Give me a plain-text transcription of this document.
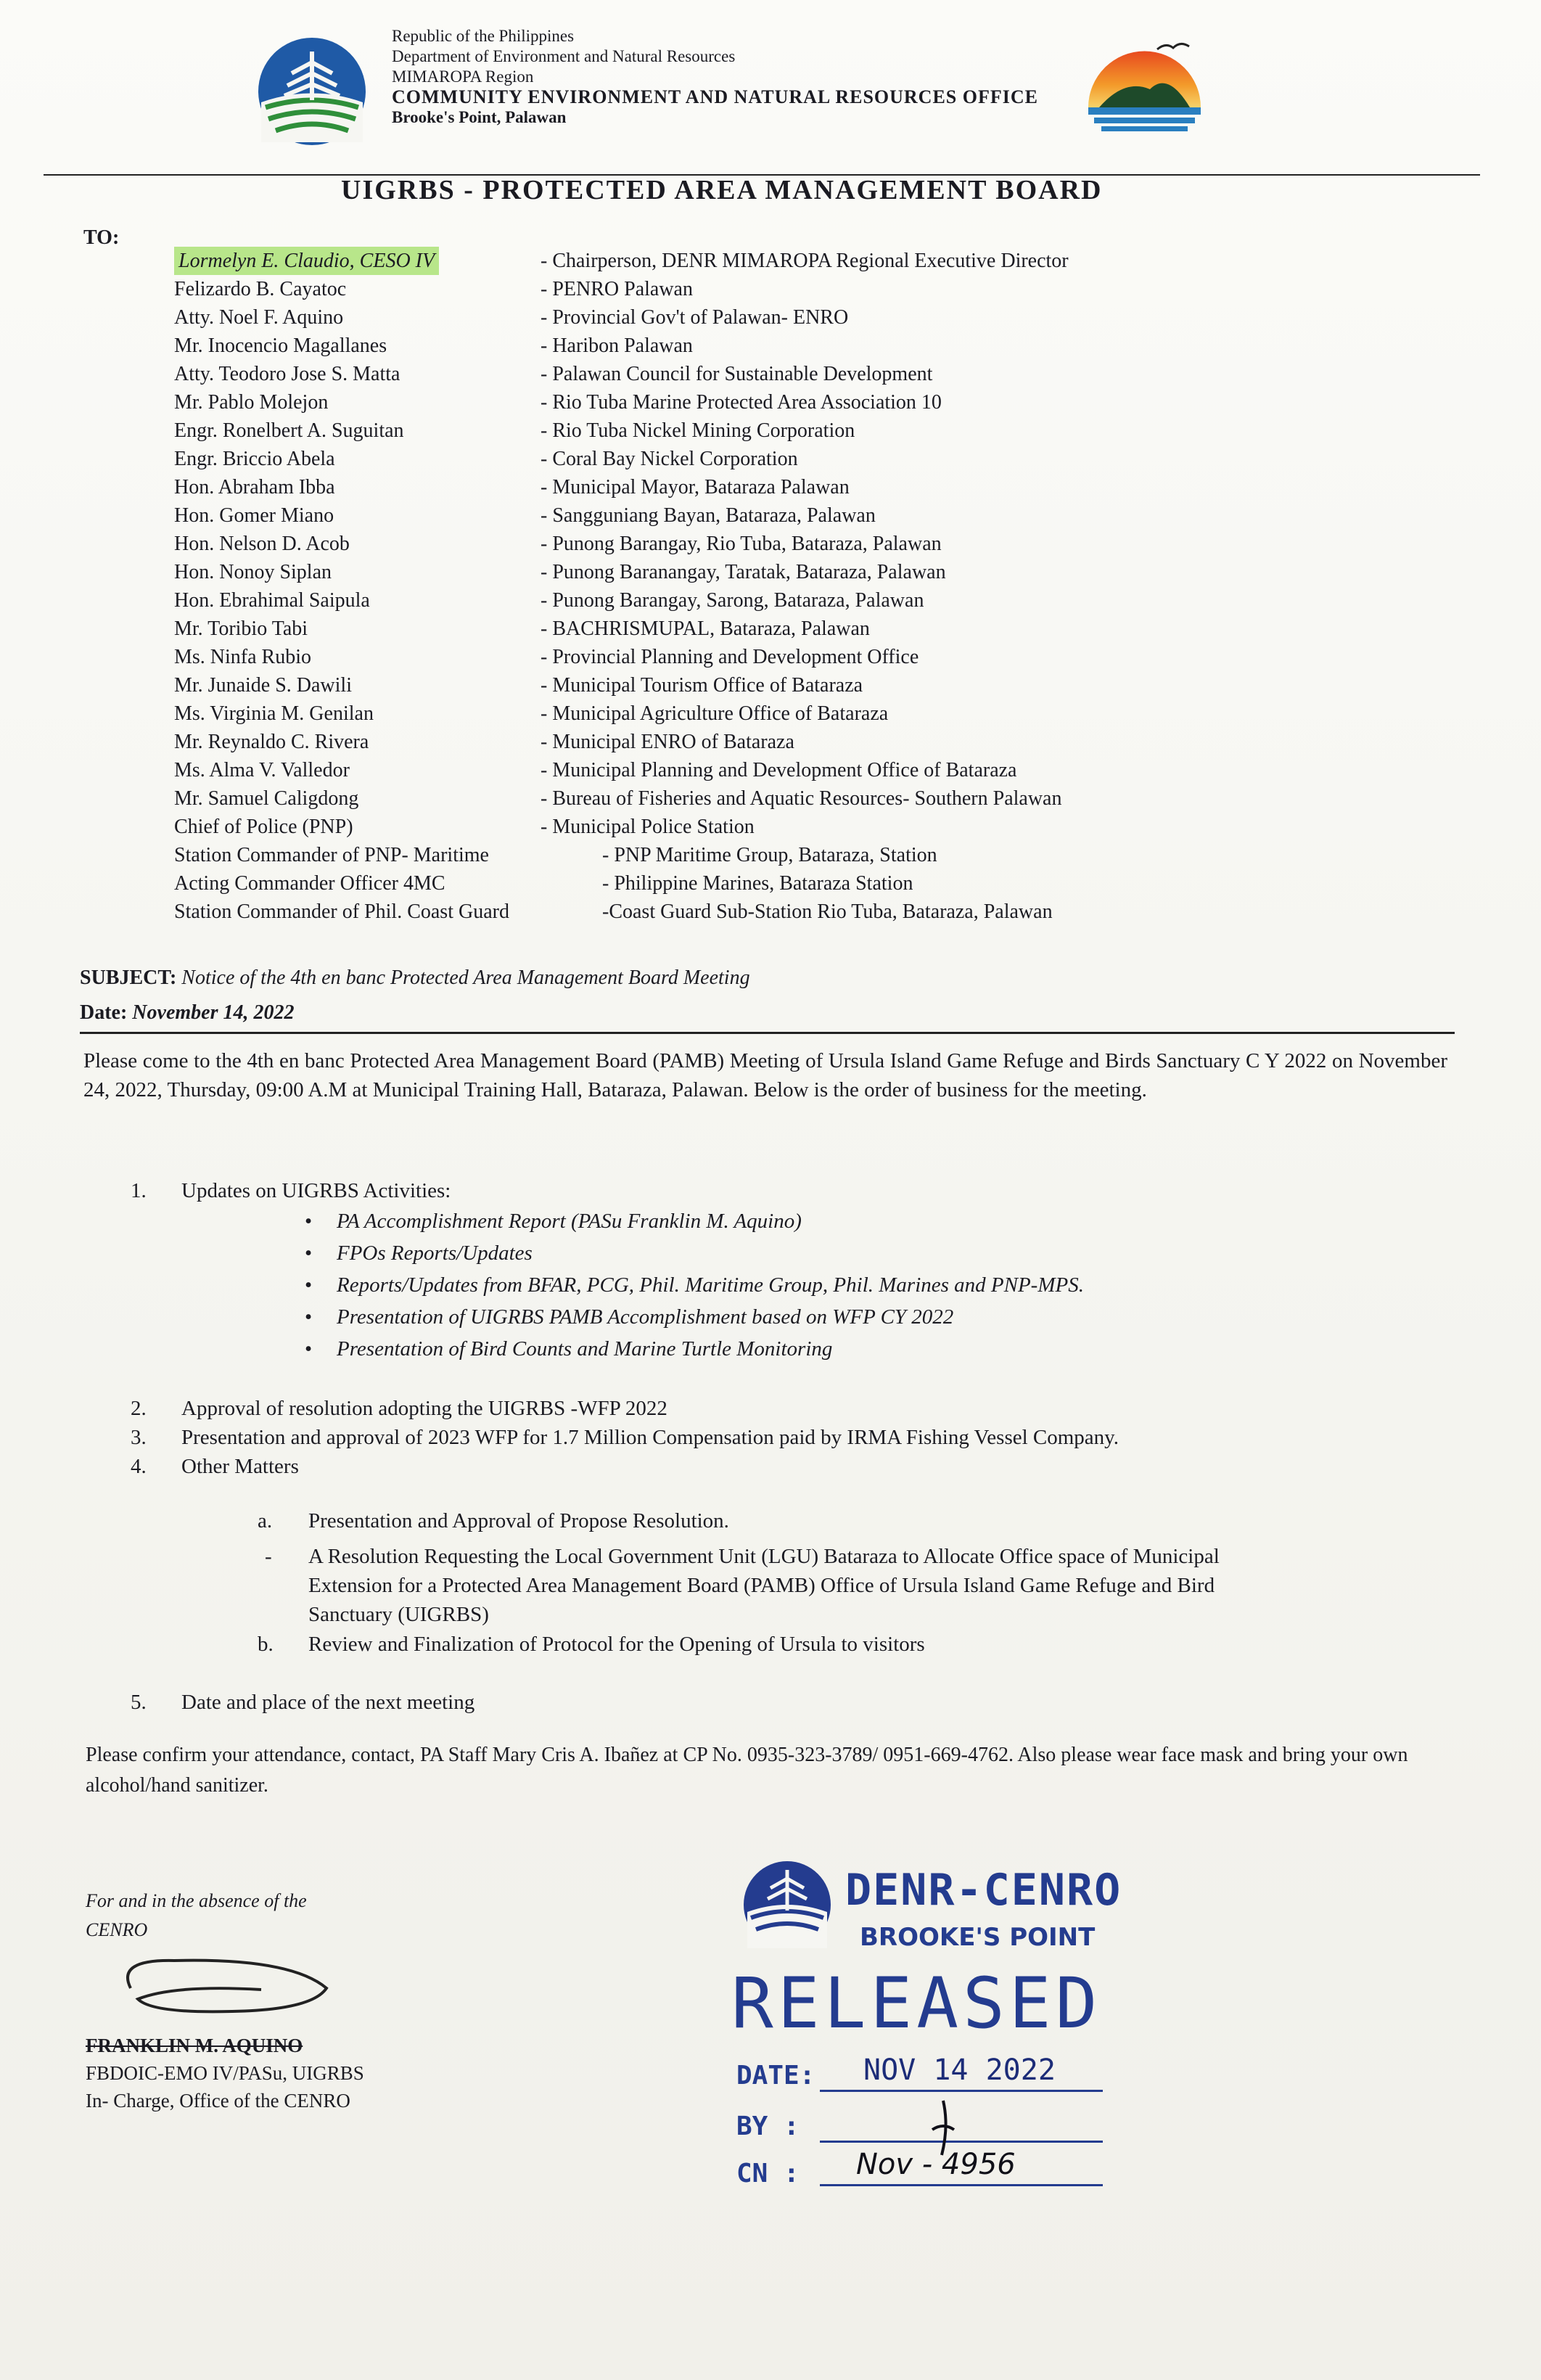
Republic of the Philippines
Department of Environment and Natural Resources
MIMAROPA Region
COMMUNITY ENVIRONMENT AND NATURAL RESOURCES OFFICE
Brooke's Point, Palawan
UIGRBS - PROTECTED AREA MANAGEMENT BOARD
TO:
Lormelyn E. Claudio, CESO IV	- Chairperson, DENR MIMAROPA Regional Executive Director
Felizardo B. Cayatoc	- PENRO Palawan
Atty. Noel F. Aquino	- Provincial Gov't of Palawan- ENRO
Mr. Inocencio Magallanes	- Haribon Palawan
Atty. Teodoro Jose S. Matta	- Palawan Council for Sustainable Development
Mr. Pablo Molejon	- Rio Tuba Marine Protected Area Association 10
Engr. Ronelbert A. Suguitan	- Rio Tuba Nickel Mining Corporation
Engr. Briccio Abela	- Coral Bay Nickel Corporation
Hon. Abraham Ibba	- Municipal Mayor, Bataraza Palawan
Hon. Gomer Miano	- Sangguniang Bayan, Bataraza, Palawan
Hon. Nelson D. Acob	- Punong Barangay, Rio Tuba, Bataraza, Palawan
Hon. Nonoy Siplan	- Punong Baranangay, Taratak, Bataraza, Palawan
Hon. Ebrahimal Saipula	- Punong Barangay, Sarong, Bataraza, Palawan
Mr. Toribio Tabi	- BACHRISMUPAL, Bataraza, Palawan
Ms. Ninfa Rubio	- Provincial Planning and Development Office
Mr. Junaide S. Dawili	- Municipal Tourism Office of Bataraza
Ms. Virginia M. Genilan	- Municipal Agriculture Office of Bataraza
Mr. Reynaldo C. Rivera	- Municipal ENRO of Bataraza
Ms. Alma V. Valledor	- Municipal Planning and Development Office of Bataraza
Mr. Samuel Caligdong	- Bureau of Fisheries and Aquatic Resources- Southern Palawan
Chief of Police (PNP)	- Municipal Police Station
Station Commander of PNP- Maritime	- PNP Maritime Group, Bataraza, Station
Acting Commander Officer 4MC	- Philippine Marines, Bataraza Station
Station Commander of Phil. Coast Guard	-Coast Guard Sub-Station Rio Tuba, Bataraza, Palawan
SUBJECT: Notice of the 4th en banc Protected Area Management Board Meeting
Date: November 14, 2022
Please come to the 4th en banc Protected Area Management Board (PAMB) Meeting of Ursula Island Game Refuge and Birds Sanctuary C Y 2022 on November 24, 2022, Thursday, 09:00 A.M at Municipal Training Hall, Bataraza, Palawan. Below is the order of business for the meeting.
1. Updates on UIGRBS Activities:
• PA Accomplishment Report (PASu Franklin M. Aquino)
• FPOs Reports/Updates
• Reports/Updates from BFAR, PCG, Phil. Maritime Group, Phil. Marines and PNP-MPS.
• Presentation of UIGRBS PAMB Accomplishment based on WFP CY 2022
• Presentation of Bird Counts and Marine Turtle Monitoring
2. Approval of resolution adopting the UIGRBS -WFP 2022
3. Presentation and approval of 2023 WFP for 1.7 Million Compensation paid by IRMA Fishing Vessel Company.
4. Other Matters
a. Presentation and Approval of Propose Resolution.
- A Resolution Requesting the Local Government Unit (LGU) Bataraza to Allocate Office space of Municipal
Extension for a Protected Area Management Board (PAMB) Office of Ursula Island Game Refuge and Bird
Sanctuary (UIGRBS)
b. Review and Finalization of Protocol for the Opening of Ursula to visitors
5. Date and place of the next meeting
Please confirm your attendance, contact, PA Staff Mary Cris A. Ibañez at CP No. 0935-323-3789/ 0951-669-4762. Also please wear face mask and bring your own alcohol/hand sanitizer.
For and in the absence of the
CENRO
FRANKLIN M. AQUINO
FBDOIC-EMO IV/PASu, UIGRBS
In- Charge, Office of the CENRO
DENR-CENRO
BROOKE'S POINT
RELEASED
DATE: NOV 14 2022
BY :
CN : Nov - 4956
